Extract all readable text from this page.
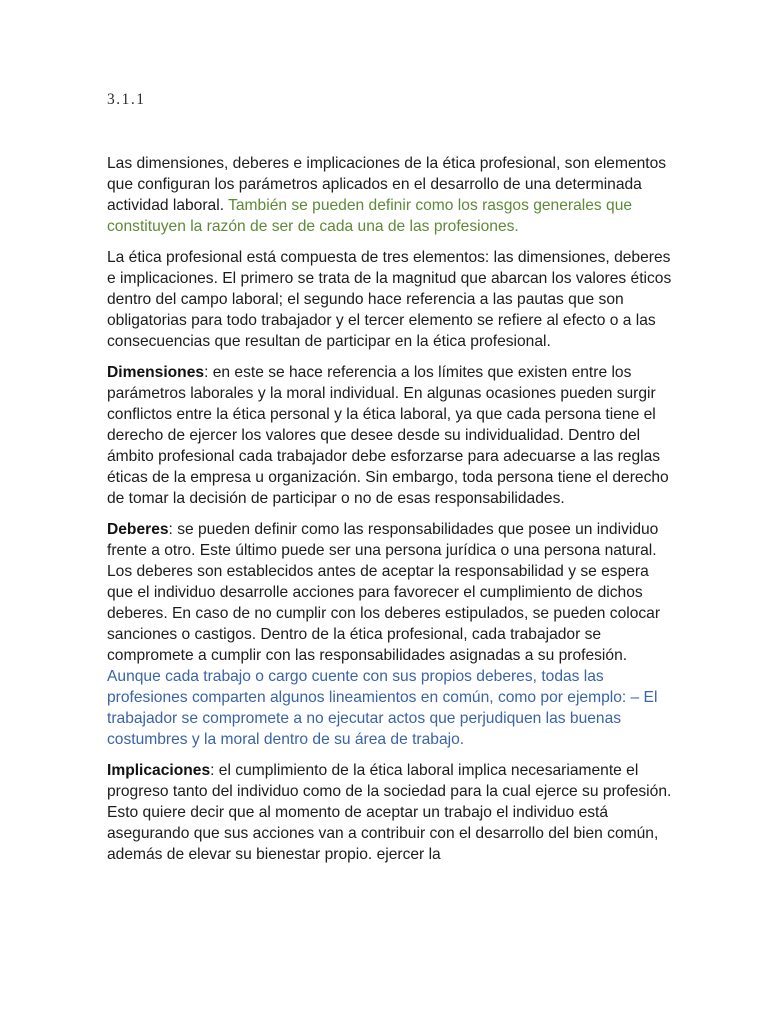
3.1.1

Las dimensiones, deberes e implicaciones de la ética profesional, son elementos que configuran los parámetros aplicados en el desarrollo de una determinada actividad laboral. También se pueden definir como los rasgos generales que constituyen la razón de ser de cada una de las profesiones.

La ética profesional está compuesta de tres elementos: las dimensiones, deberes e implicaciones. El primero se trata de la magnitud que abarcan los valores éticos dentro del campo laboral; el segundo hace referencia a las pautas que son obligatorias para todo trabajador y el tercer elemento se refiere al efecto o a las consecuencias que resultan de participar en la ética profesional.

Dimensiones: en este se hace referencia a los límites que existen entre los parámetros laborales y la moral individual. En algunas ocasiones pueden surgir conflictos entre la ética personal y la ética laboral, ya que cada persona tiene el derecho de ejercer los valores que desee desde su individualidad. Dentro del ámbito profesional cada trabajador debe esforzarse para adecuarse a las reglas éticas de la empresa u organización. Sin embargo, toda persona tiene el derecho de tomar la decisión de participar o no de esas responsabilidades.

Deberes: se pueden definir como las responsabilidades que posee un individuo frente a otro. Este último puede ser una persona jurídica o una persona natural. Los deberes son establecidos antes de aceptar la responsabilidad y se espera que el individuo desarrolle acciones para favorecer el cumplimiento de dichos deberes. En caso de no cumplir con los deberes estipulados, se pueden colocar sanciones o castigos. Dentro de la ética profesional, cada trabajador se compromete a cumplir con las responsabilidades asignadas a su profesión. Aunque cada trabajo o cargo cuente con sus propios deberes, todas las profesiones comparten algunos lineamientos en común, como por ejemplo: – El trabajador se compromete a no ejecutar actos que perjudiquen las buenas costumbres y la moral dentro de su área de trabajo.

Implicaciones: el cumplimiento de la ética laboral implica necesariamente el progreso tanto del individuo como de la sociedad para la cual ejerce su profesión. Esto quiere decir que al momento de aceptar un trabajo el individuo está asegurando que sus acciones van a contribuir con el desarrollo del bien común, además de elevar su bienestar propio. ejercer la
